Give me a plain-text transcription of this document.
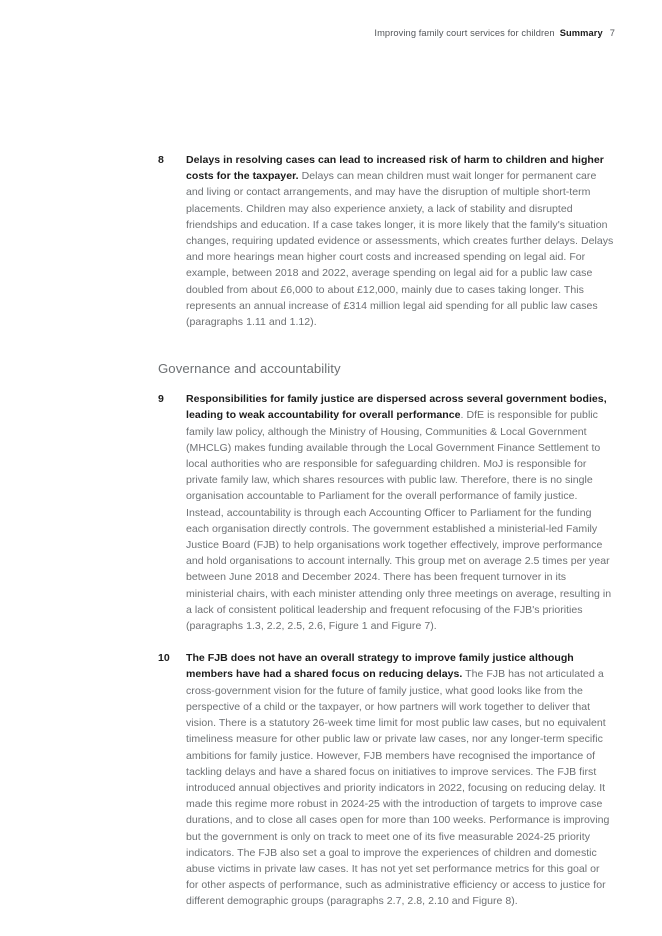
Improving family court services for children Summary 7

8 Delays in resolving cases can lead to increased risk of harm to children and higher costs for the taxpayer. Delays can mean children must wait longer for permanent care and living or contact arrangements, and may have the disruption of multiple short-term placements. Children may also experience anxiety, a lack of stability and disrupted friendships and education. If a case takes longer, it is more likely that the family's situation changes, requiring updated evidence or assessments, which creates further delays. Delays and more hearings mean higher court costs and increased spending on legal aid. For example, between 2018 and 2022, average spending on legal aid for a public law case doubled from about £6,000 to about £12,000, mainly due to cases taking longer. This represents an annual increase of £314 million legal aid spending for all public law cases (paragraphs 1.11 and 1.12).

Governance and accountability

9 Responsibilities for family justice are dispersed across several government bodies, leading to weak accountability for overall performance. DfE is responsible for public family law policy, although the Ministry of Housing, Communities & Local Government (MHCLG) makes funding available through the Local Government Finance Settlement to local authorities who are responsible for safeguarding children. MoJ is responsible for private family law, which shares resources with public law. Therefore, there is no single organisation accountable to Parliament for the overall performance of family justice. Instead, accountability is through each Accounting Officer to Parliament for the funding each organisation directly controls. The government established a ministerial-led Family Justice Board (FJB) to help organisations work together effectively, improve performance and hold organisations to account internally. This group met on average 2.5 times per year between June 2018 and December 2024. There has been frequent turnover in its ministerial chairs, with each minister attending only three meetings on average, resulting in a lack of consistent political leadership and frequent refocusing of the FJB's priorities (paragraphs 1.3, 2.2, 2.5, 2.6, Figure 1 and Figure 7).

10 The FJB does not have an overall strategy to improve family justice although members have had a shared focus on reducing delays. The FJB has not articulated a cross-government vision for the future of family justice, what good looks like from the perspective of a child or the taxpayer, or how partners will work together to deliver that vision. There is a statutory 26-week time limit for most public law cases, but no equivalent timeliness measure for other public law or private law cases, nor any longer-term specific ambitions for family justice. However, FJB members have recognised the importance of tackling delays and have a shared focus on initiatives to improve services. The FJB first introduced annual objectives and priority indicators in 2022, focusing on reducing delay. It made this regime more robust in 2024-25 with the introduction of targets to improve case durations, and to close all cases open for more than 100 weeks. Performance is improving but the government is only on track to meet one of its five measurable 2024-25 priority indicators. The FJB also set a goal to improve the experiences of children and domestic abuse victims in private law cases. It has not yet set performance metrics for this goal or for other aspects of performance, such as administrative efficiency or access to justice for different demographic groups (paragraphs 2.7, 2.8, 2.10 and Figure 8).
